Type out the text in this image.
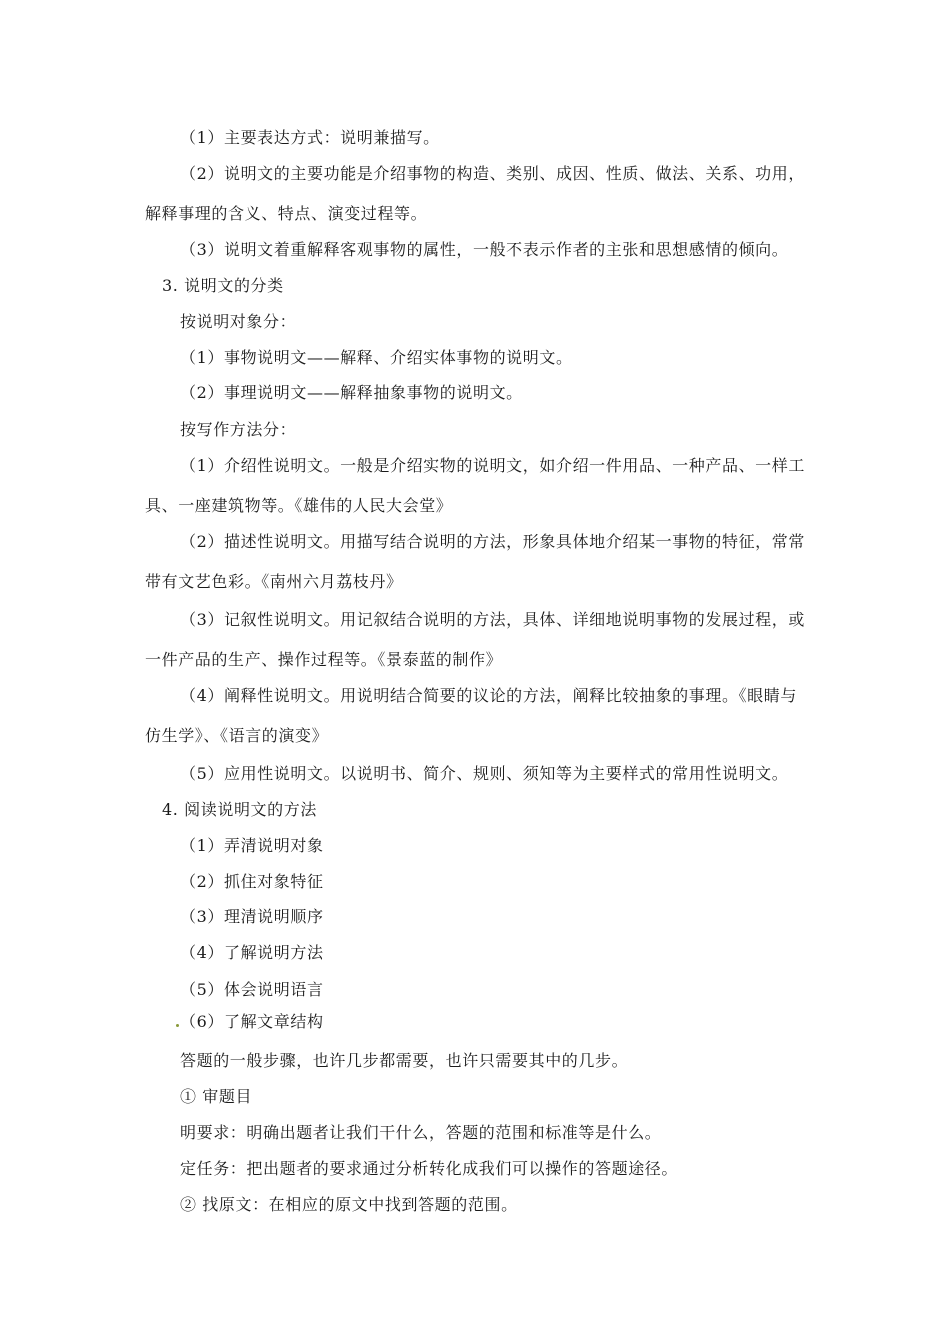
（1）主要表达方式：说明兼描写。
（2）说明文的主要功能是介绍事物的构造、类别、成因、性质、做法、关系、功用，
解释事理的含义、特点、演变过程等。
（3）说明文着重解释客观事物的属性，一般不表示作者的主张和思想感情的倾向。
3. 说明文的分类
按说明对象分：
（1）事物说明文——解释、介绍实体事物的说明文。
（2）事理说明文——解释抽象事物的说明文。
按写作方法分：
（1）介绍性说明文。一般是介绍实物的说明文，如介绍一件用品、一种产品、一样工
具、一座建筑物等。《雄伟的人民大会堂》
（2）描述性说明文。用描写结合说明的方法，形象具体地介绍某一事物的特征，常常
带有文艺色彩。《南州六月荔枝丹》
（3）记叙性说明文。用记叙结合说明的方法，具体、详细地说明事物的发展过程，或
一件产品的生产、操作过程等。《景泰蓝的制作》
（4）阐释性说明文。用说明结合简要的议论的方法，阐释比较抽象的事理。《眼睛与
仿生学》、《语言的演变》
（5）应用性说明文。以说明书、简介、规则、须知等为主要样式的常用性说明文。
4. 阅读说明文的方法
（1）弄清说明对象
（2）抓住对象特征
（3）理清说明顺序
（4）了解说明方法
（5）体会说明语言
（6）了解文章结构
答题的一般步骤，也许几步都需要，也许只需要其中的几步。
① 审题目
明要求：明确出题者让我们干什么，答题的范围和标准等是什么。
定任务：把出题者的要求通过分析转化成我们可以操作的答题途径。
② 找原文：在相应的原文中找到答题的范围。
